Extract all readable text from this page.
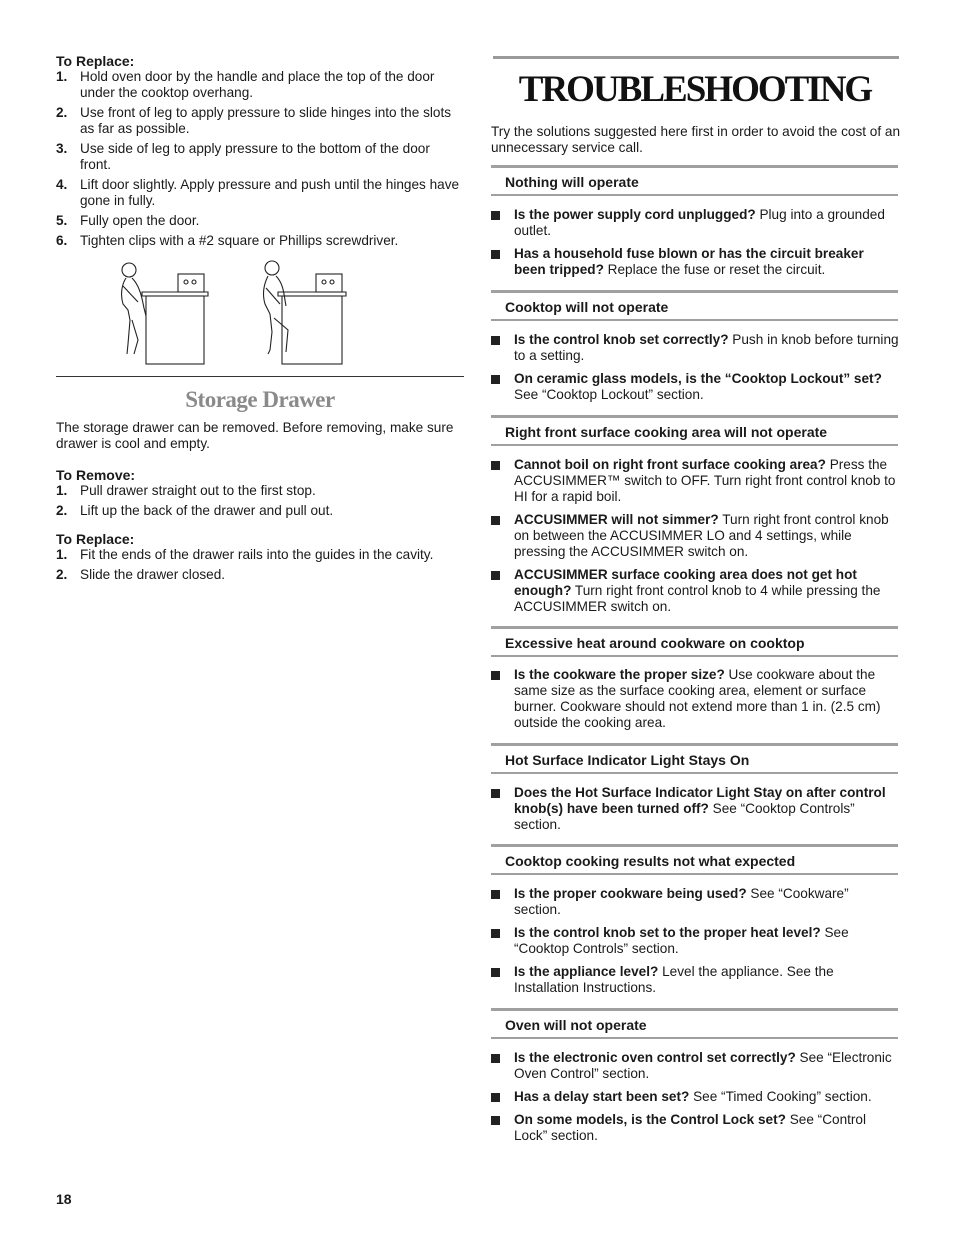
To Replace:
1. Hold oven door by the handle and place the top of the door under the cooktop overhang.
2. Use front of leg to apply pressure to slide hinges into the slots as far as possible.
3. Use side of leg to apply pressure to the bottom of the door front.
4. Lift door slightly. Apply pressure and push until the hinges have gone in fully.
5. Fully open the door.
6. Tighten clips with a #2 square or Phillips screwdriver.
Storage Drawer

The storage drawer can be removed. Before removing, make sure drawer is cool and empty.

To Remove:
1. Pull drawer straight out to the first stop.
2. Lift up the back of the drawer and pull out.
To Replace:
1. Fit the ends of the drawer rails into the guides in the cavity.
2. Slide the drawer closed.
TROUBLESHOOTING

Try the solutions suggested here first in order to avoid the cost of an unnecessary service call.

Nothing will operate
Is the power supply cord unplugged? Plug into a grounded outlet.
Has a household fuse blown or has the circuit breaker been tripped? Replace the fuse or reset the circuit.
Cooktop will not operate
Is the control knob set correctly? Push in knob before turning to a setting.
On ceramic glass models, is the “Cooktop Lockout” set? See “Cooktop Lockout” section.
Right front surface cooking area will not operate
Cannot boil on right front surface cooking area? Press the ACCUSIMMER™ switch to OFF. Turn right front control knob to HI for a rapid boil.
ACCUSIMMER will not simmer? Turn right front control knob on between the ACCUSIMMER LO and 4 settings, while pressing the ACCUSIMMER switch on.
ACCUSIMMER surface cooking area does not get hot enough? Turn right front control knob to 4 while pressing the ACCUSIMMER switch on.
Excessive heat around cookware on cooktop
Is the cookware the proper size? Use cookware about the same size as the surface cooking area, element or surface burner. Cookware should not extend more than 1 in. (2.5 cm) outside the cooking area.
Hot Surface Indicator Light Stays On
Does the Hot Surface Indicator Light Stay on after control knob(s) have been turned off? See “Cooktop Controls” section.
Cooktop cooking results not what expected
Is the proper cookware being used? See “Cookware” section.
Is the control knob set to the proper heat level? See “Cooktop Controls” section.
Is the appliance level? Level the appliance. See the Installation Instructions.
Oven will not operate
Is the electronic oven control set correctly? See “Electronic Oven Control” section.
Has a delay start been set? See “Timed Cooking” section.
On some models, is the Control Lock set? See “Control Lock” section.
18
